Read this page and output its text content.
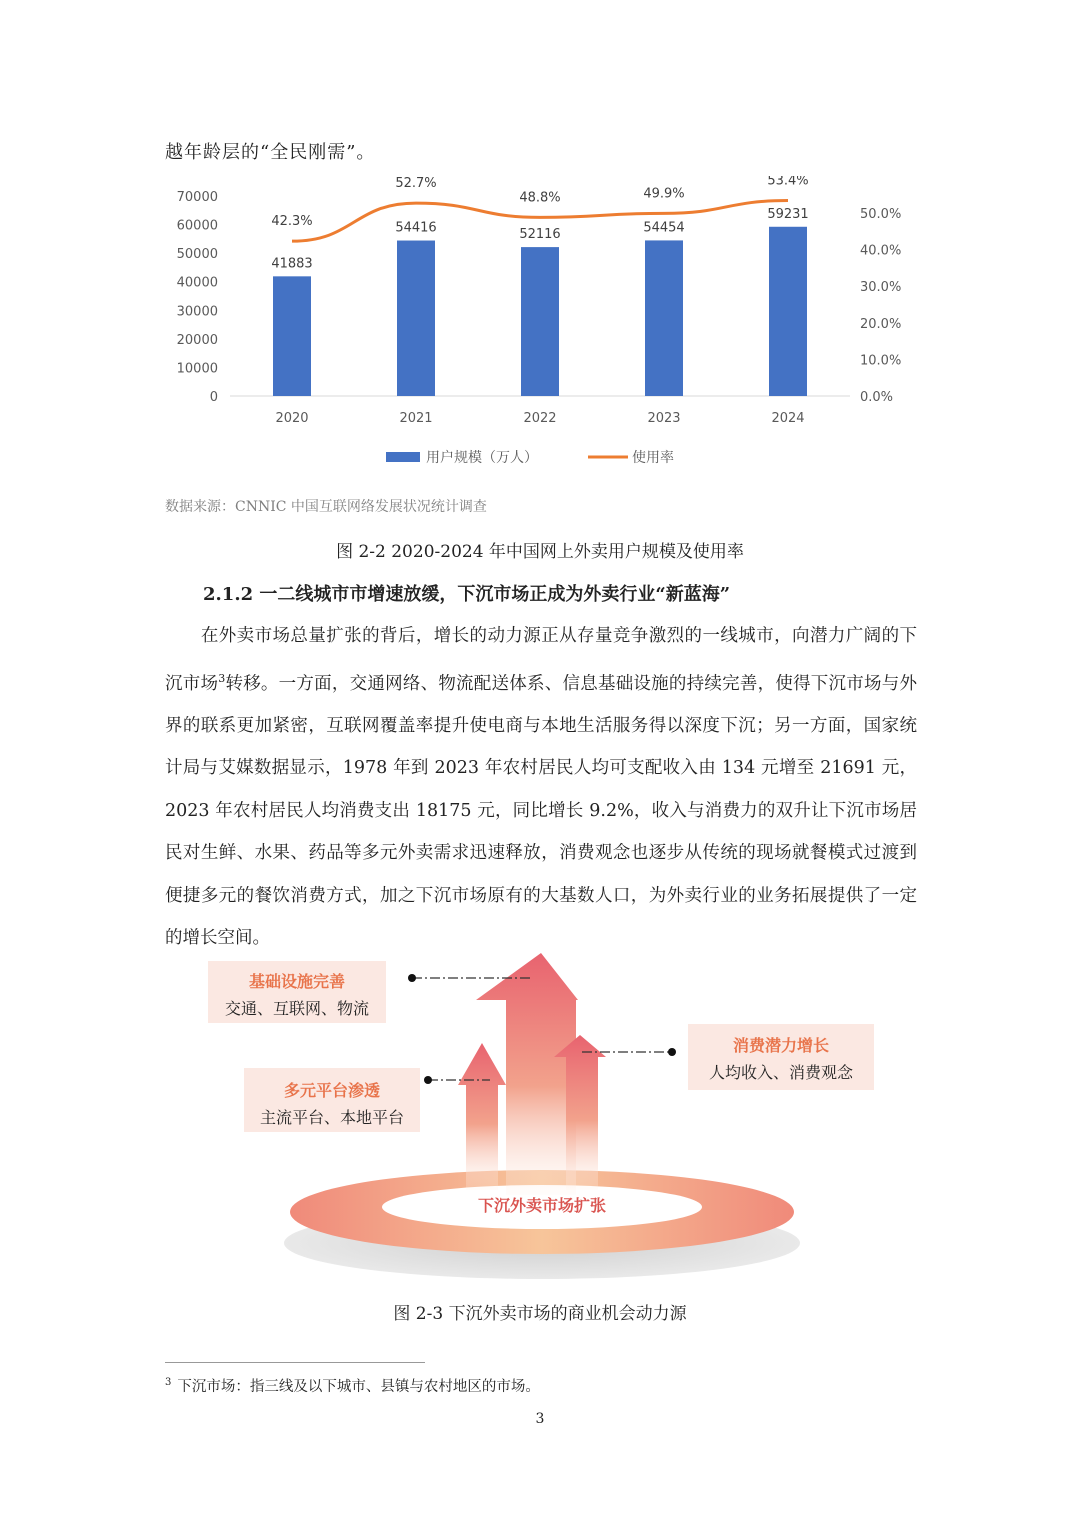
越年龄层的“全民刚需”。
0
10000
20000
30000
40000
50000
60000
70000
0.0%
10.0%
20.0%
30.0%
40.0%
50.0%
41883
54416	52116	54454
59231
42.3%
52.7%
48.8%	49.9%
53.4%
2020	2021	2022	2023	2024
用户规模（万人）	使用率
数据来源：CNNIC 中国互联网络发展状况统计调查
图 2-2 2020-2024 年中国网上外卖用户规模及使用率
2.1.2 一二线城市市增速放缓，下沉市场正成为外卖行业“新蓝海”
　　在外卖市场总量扩张的背后，增长的动力源正从存量竞争激烈的一线城市，向潜力广阔的下沉市场$^3$转移。一方面，交通网络、物流配送体系、信息基础设施的持续完善，使得下沉市场与外界的联系更加紧密，互联网覆盖率提升使电商与本地生活服务得以深度下沉；另一方面，国家统计局与艾媒数据显示，1978 年到 2023 年农村居民人均可支配收入由 134 元增至 21691 元，2023 年农村居民人均消费支出 18175 元，同比增长 9.2%，收入与消费力的双升让下沉市场居民对生鲜、水果、药品等多元外卖需求迅速释放，消费观念也逐步从传统的现场就餐模式过渡到便捷多元的餐饮消费方式，加之下沉市场原有的大基数人口，为外卖行业的业务拓展提供了一定的增长空间。
下沉外卖市场扩张
基础设施完善
交通、互联网、物流
多元平台渗透
主流平台、本地平台
消费潜力增长
人均收入、消费观念
图 2-3 下沉外卖市场的商业机会动力源
$^3$ 下沉市场：指三线及以下城市、县镇与农村地区的市场。
3
